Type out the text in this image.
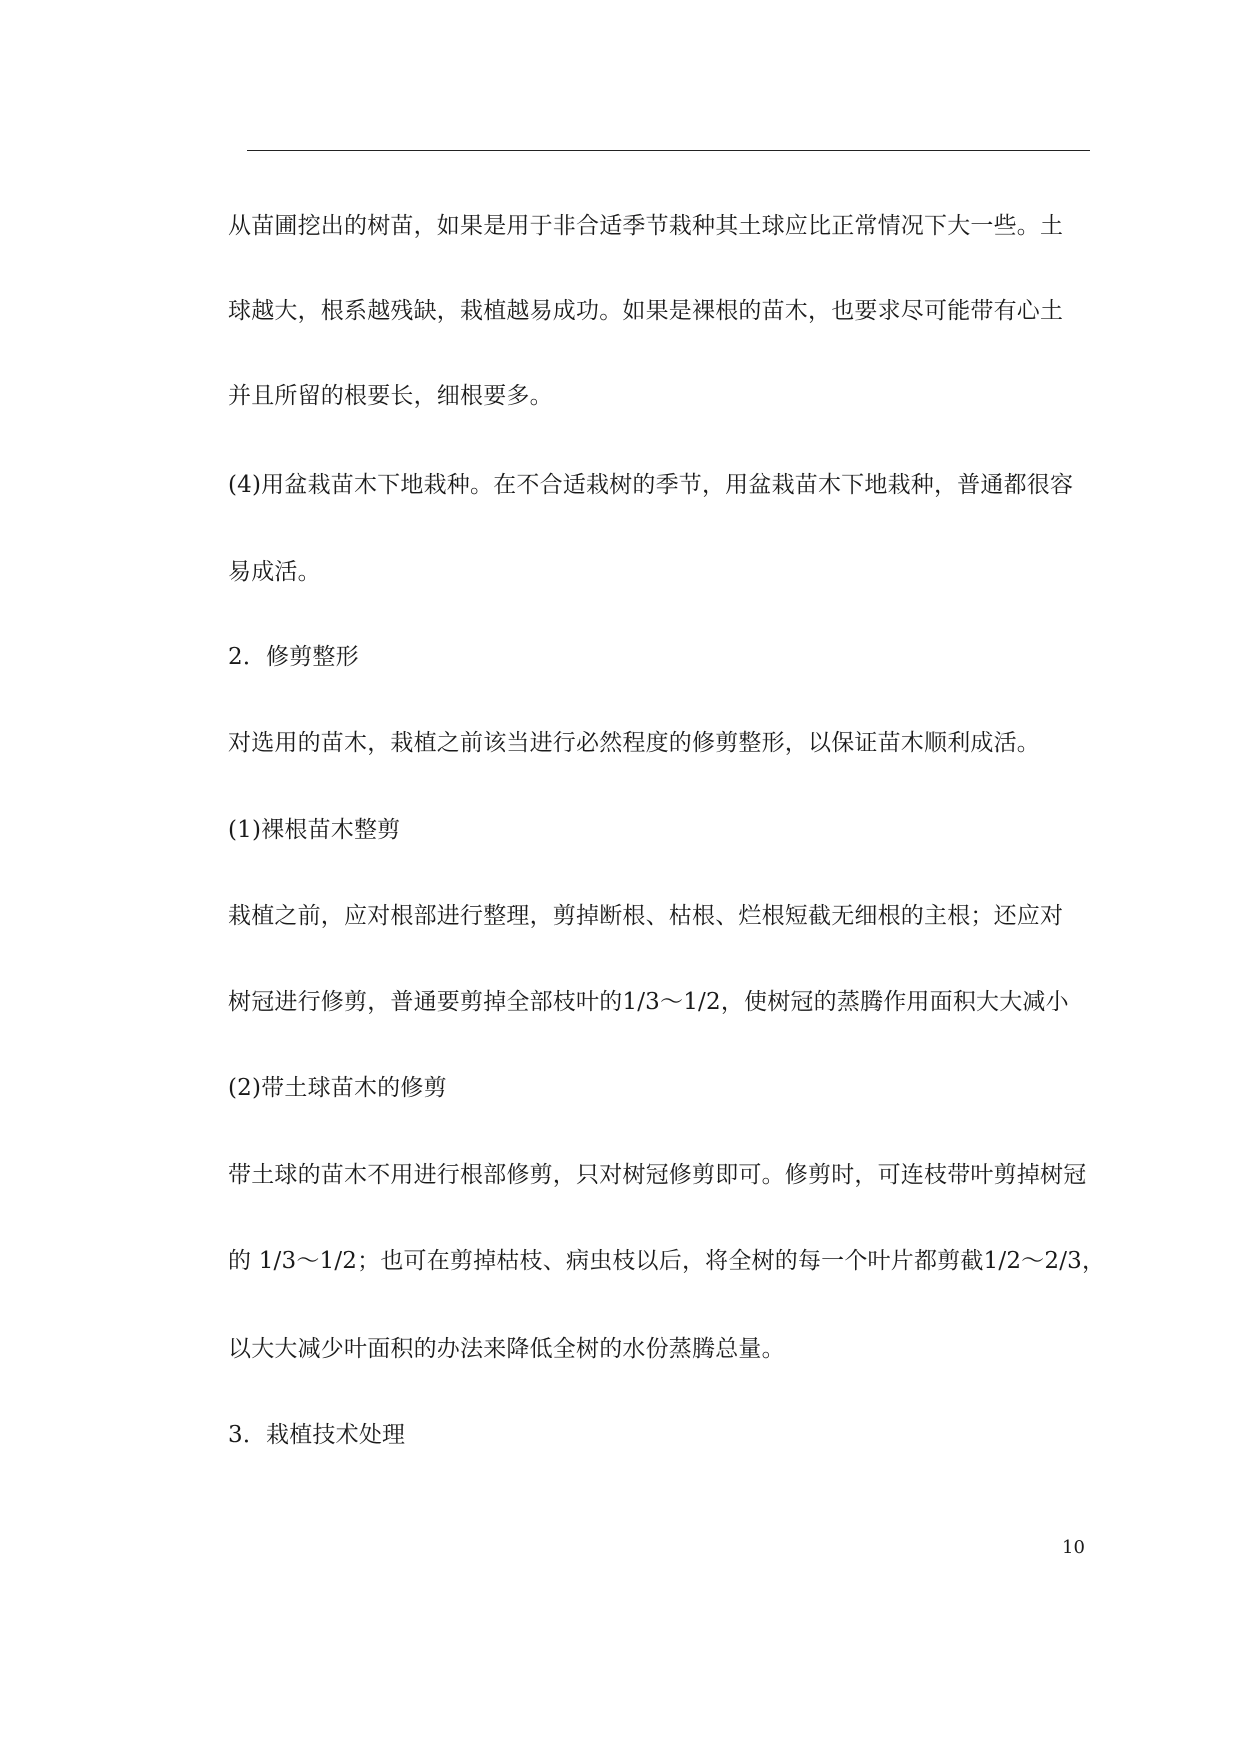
从苗圃挖出的树苗，如果是用于非合适季节栽种其土球应比正常情况下大一些。土
球越大，根系越残缺，栽植越易成功。如果是裸根的苗木，也要求尽可能带有心土
并且所留的根要长，细根要多。
(4)用盆栽苗木下地栽种。在不合适栽树的季节，用盆栽苗木下地栽种，普通都很容
易成活。
2．修剪整形
对选用的苗木，栽植之前该当进行必然程度的修剪整形，以保证苗木顺利成活。
(1)裸根苗木整剪
栽植之前，应对根部进行整理，剪掉断根、枯根、烂根短截无细根的主根；还应对
树冠进行修剪，普通要剪掉全部枝叶的1/3～1/2，使树冠的蒸腾作用面积大大减小
(2)带土球苗木的修剪
带土球的苗木不用进行根部修剪，只对树冠修剪即可。修剪时，可连枝带叶剪掉树冠
的 1/3～1/2；也可在剪掉枯枝、病虫枝以后，将全树的每一个叶片都剪截1/2～2/3，
以大大减少叶面积的办法来降低全树的水份蒸腾总量。
3．栽植技术处理
10
